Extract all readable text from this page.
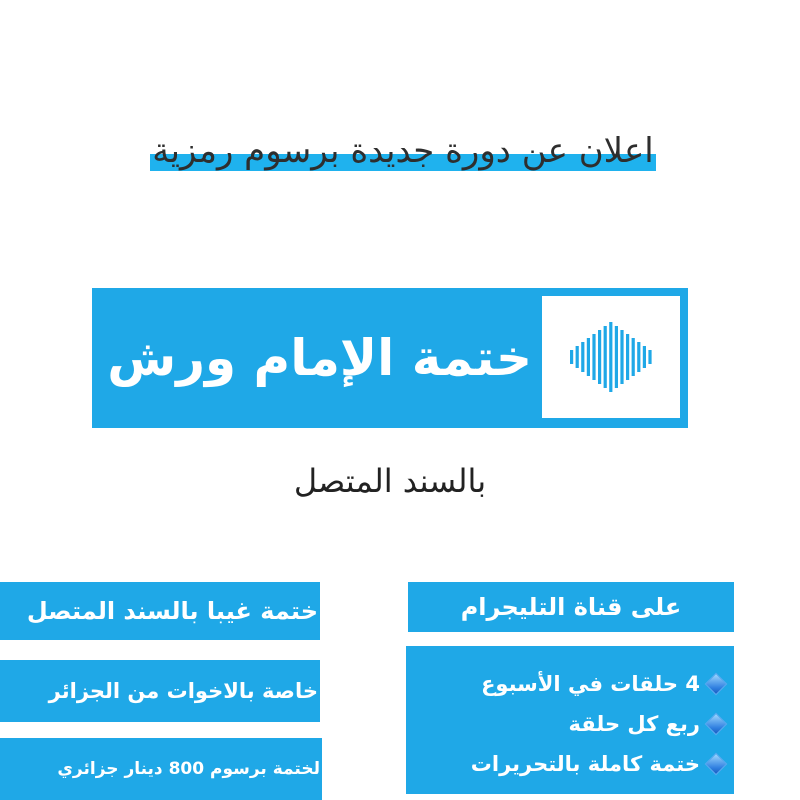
اعلان عن دورة جديدة برسوم رمزية
ختمة الإمام ورش
بالسند المتصل
ختمة غيبا بالسند المتصل
خاصة بالاخوات من الجزائر
لختمة برسوم 800 دينار جزائري
على قناة التليجرام
4 حلقات في الأسبوع
ربع كل حلقة
ختمة كاملة بالتحريرات
